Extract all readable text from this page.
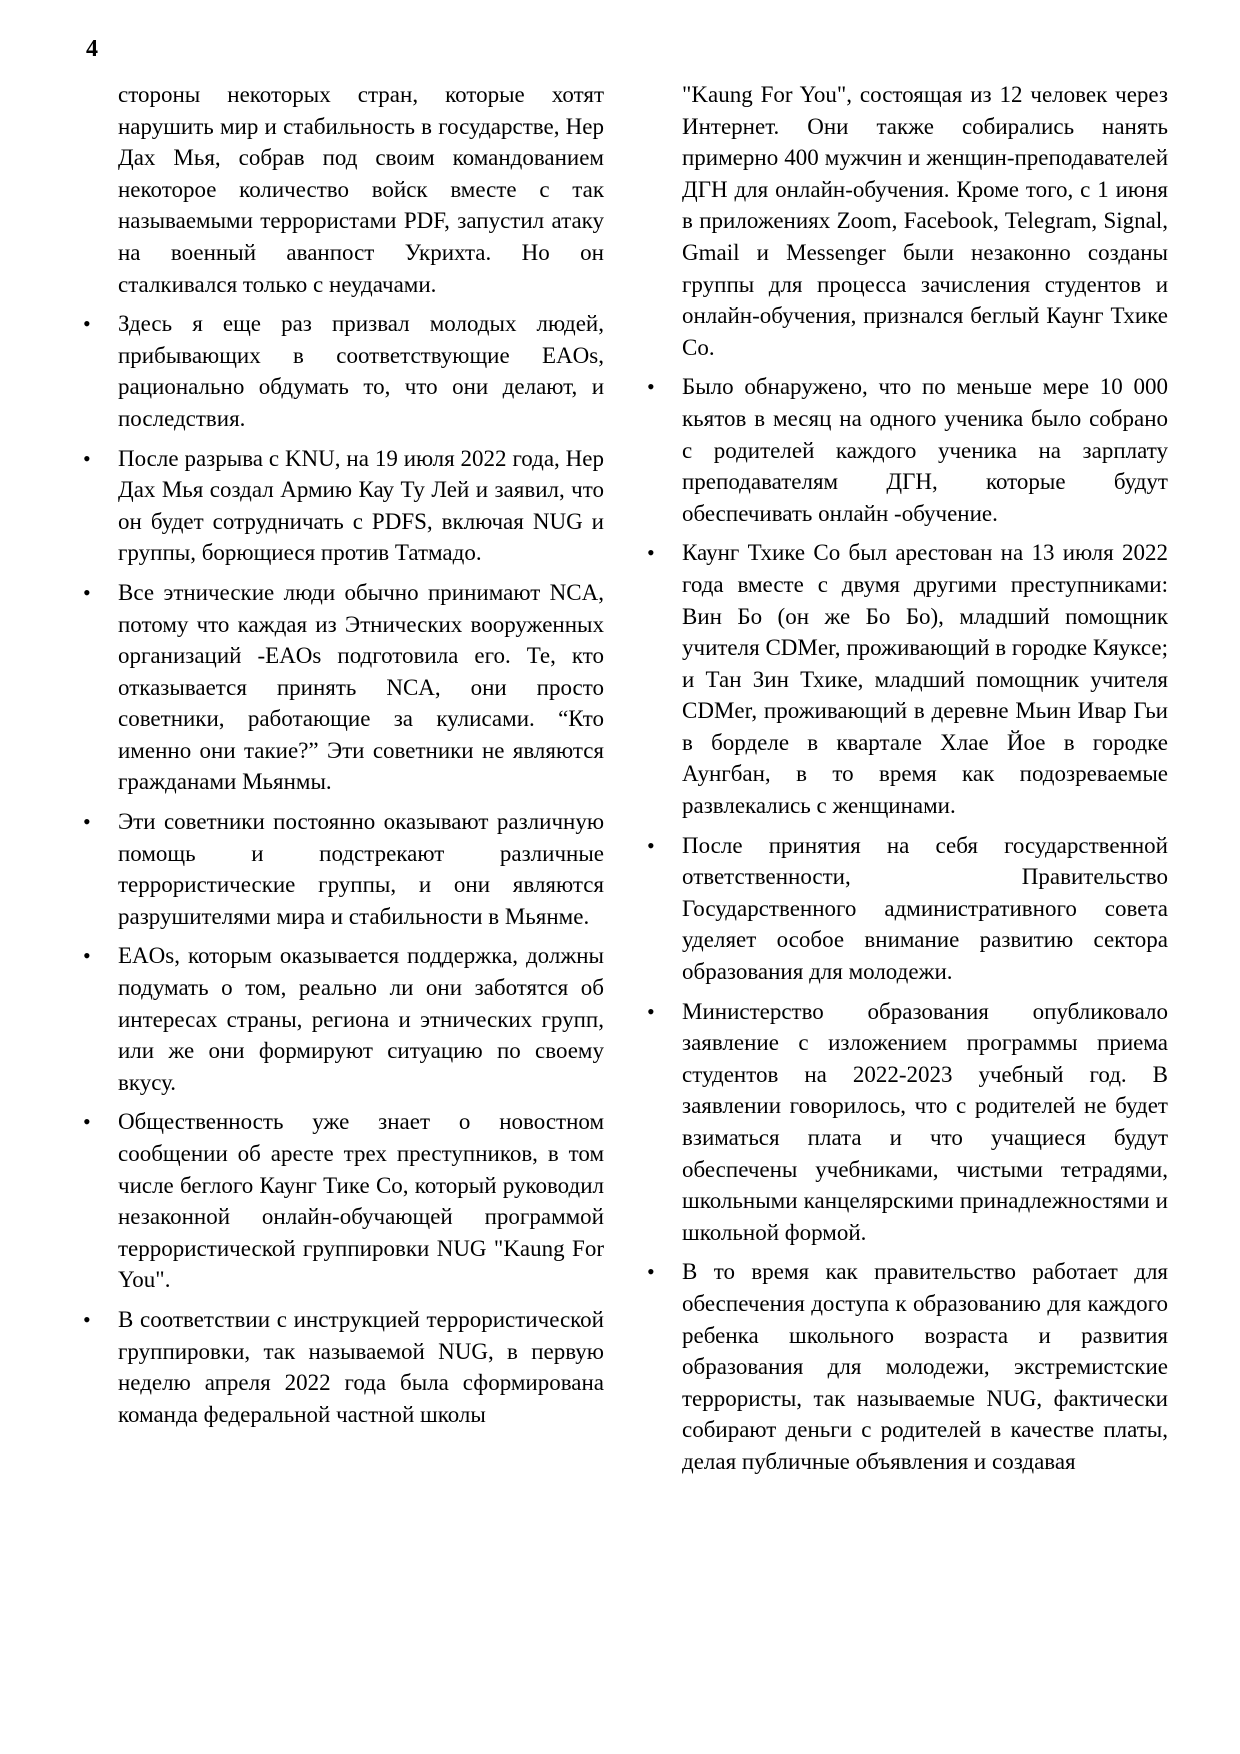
4

стороны некоторых стран, которые хотят нарушить мир и стабильность в государстве, Нер Дах Мья, собрав под своим командованием некоторое количество войск вместе с так называемыми террористами PDF, запустил атаку на военный аванпост Укрихта. Но он сталкивался только с неудачами.

• Здесь я еще раз призвал молодых людей, прибывающих в соответствующие EAOs, рационально обдумать то, что они делают, и последствия.

• После разрыва с KNU, на 19 июля 2022 года, Нер Дах Мья создал Армию Кау Ту Лей и заявил, что он будет сотрудничать с PDFS, включая NUG и группы, борющиеся против Татмадо.

• Все этнические люди обычно принимают NCA, потому что каждая из Этнических вооруженных организаций -EAOs подготовила его. Те, кто отказывается принять NCA, они просто советники, работающие за кулисами. “Кто именно они такие?” Эти советники не являются гражданами Мьянмы.

• Эти советники постоянно оказывают различную помощь и подстрекают различные террористические группы, и они являются разрушителями мира и стабильности в Мьянме.

• EAOs, которым оказывается поддержка, должны подумать о том, реально ли они заботятся об интересах страны, региона и этнических групп, или же они формируют ситуацию по своему вкусу.

• Общественность уже знает о новостном сообщении об аресте трех преступников, в том числе беглого Каунг Тике Со, который руководил незаконной онлайн-обучающей программой террористической группировки NUG "Kaung For You".

• В соответствии с инструкцией террористической группировки, так называемой NUG, в первую неделю апреля 2022 года была сформирована команда федеральной частной школы

"Kaung For You", состоящая из 12 человек через Интернет. Они также собирались нанять примерно 400 мужчин и женщин-преподавателей ДГН для онлайн-обучения. Кроме того, с 1 июня в приложениях Zoom, Facebook, Telegram, Signal, Gmail и Messenger были незаконно созданы группы для процесса зачисления студентов и онлайн-обучения, признался беглый Каунг Тхике Со.

• Было обнаружено, что по меньше мере 10 000 кьятов в месяц на одного ученика было собрано с родителей каждого ученика на зарплату преподавателям ДГН, которые будут обеспечивать онлайн -обучение.

• Каунг Тхике Со был арестован на 13 июля 2022 года вместе с двумя другими преступниками: Вин Бо (он же Бо Бо), младший помощник учителя CDMer, проживающий в городке Кяуксе; и Тан Зин Тхике, младший помощник учителя CDMer, проживающий в деревне Мьин Ивар Гьи в борделе в квартале Хлае Йое в городке Аунгбан, в то время как подозреваемые развлекались с женщинами.

• После принятия на себя государственной ответственности, Правительство Государственного административного совета уделяет особое внимание развитию сектора образования для молодежи.

• Министерство образования опубликовало заявление с изложением программы приема студентов на 2022-2023 учебный год. В заявлении говорилось, что с родителей не будет взиматься плата и что учащиеся будут обеспечены учебниками, чистыми тетрадями, школьными канцелярскими принадлежностями и школьной формой.

• В то время как правительство работает для обеспечения доступа к образованию для каждого ребенка школьного возраста и развития образования для молодежи, экстремистские террористы, так называемые NUG, фактически собирают деньги с родителей в качестве платы, делая публичные объявления и создавая
